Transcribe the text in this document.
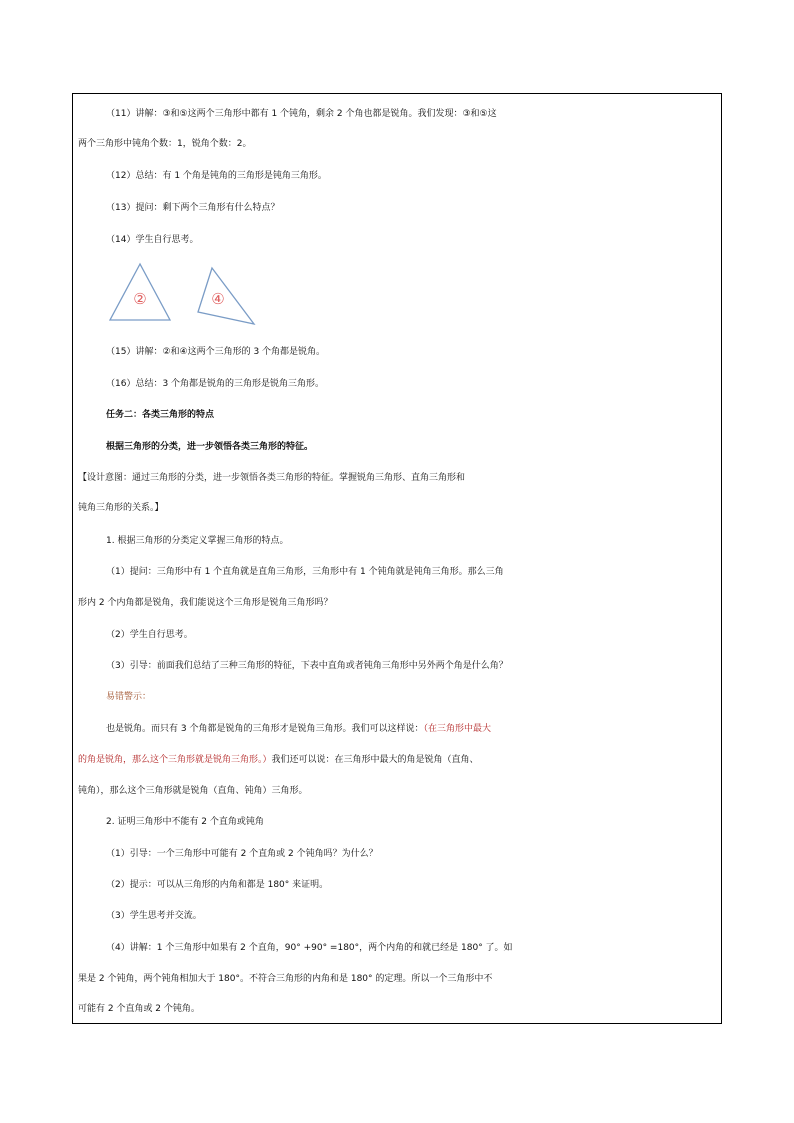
（11）讲解：③和⑤这两个三角形中都有 1 个钝角，剩余 2 个角也都是锐角。我们发现：③和⑤这
两个三角形中钝角个数：1，锐角个数：2。
（12）总结：有 1 个角是钝角的三角形是钝角三角形。
（13）提问：剩下两个三角形有什么特点？
（14）学生自行思考。
②	④
（15）讲解：②和④这两个三角形的 3 个角都是锐角。
（16）总结：3 个角都是锐角的三角形是锐角三角形。
任务二：各类三角形的特点
根据三角形的分类，进一步领悟各类三角形的特征。
【设计意图：通过三角形的分类，进一步领悟各类三角形的特征。掌握锐角三角形、直角三角形和
钝角三角形的关系。】
1. 根据三角形的分类定义掌握三角形的特点。
（1）提问：三角形中有 1 个直角就是直角三角形，三角形中有 1 个钝角就是钝角三角形。那么三角
形内 2 个内角都是锐角，我们能说这个三角形是锐角三角形吗？
（2）学生自行思考。
（3）引导：前面我们总结了三种三角形的特征，下表中直角或者钝角三角形中另外两个角是什么角？
易错警示：
也是锐角。而只有 3 个角都是锐角的三角形才是锐角三角形。我们可以这样说：（在三角形中最大
的角是锐角，那么这个三角形就是锐角三角形。）我们还可以说：在三角形中最大的角是锐角（直角、
钝角），那么这个三角形就是锐角（直角、钝角）三角形。
2. 证明三角形中不能有 2 个直角或钝角
（1）引导：一个三角形中可能有 2 个直角或 2 个钝角吗？为什么？
（2）提示：可以从三角形的内角和都是 180° 来证明。
（3）学生思考并交流。
（4）讲解：1 个三角形中如果有 2 个直角，90° +90° =180°，两个内角的和就已经是 180° 了。如
果是 2 个钝角，两个钝角相加大于 180°。不符合三角形的内角和是 180° 的定理。所以一个三角形中不
可能有 2 个直角或 2 个钝角。
